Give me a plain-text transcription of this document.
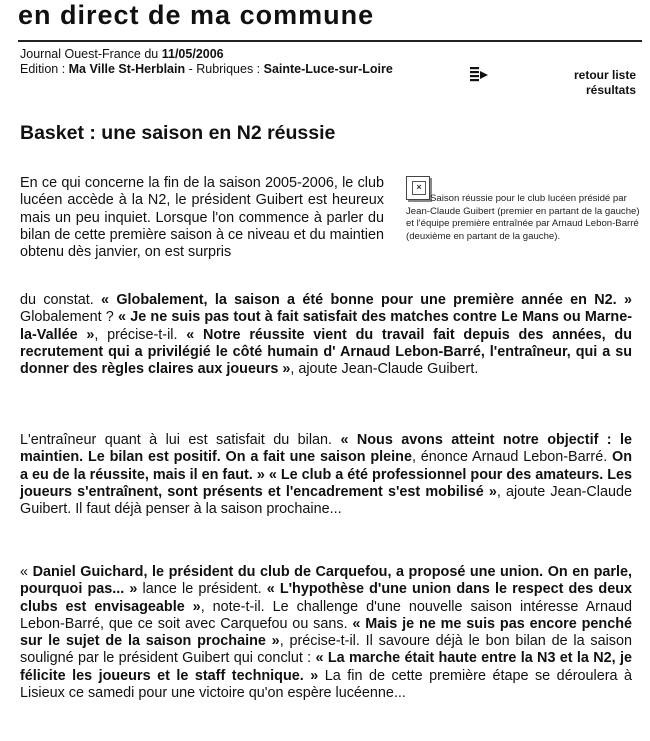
en direct de ma commune
Journal Ouest-France du 11/05/2006
Edition : Ma Ville St-Herblain - Rubriques : Sainte-Luce-sur-Loire	retour liste
résultats
Basket : une saison en N2 réussie
×
Saison réussie pour le club lucéen présidé par Jean-Claude Guibert (premier en partant de la gauche) et l'équipe première entraînée par Arnaud Lebon-Barré (deuxième en partant de la gauche).

En ce qui concerne la fin de la saison 2005-2006, le club lucéen accède à la N2, le président Guibert est heureux mais un peu inquiet. Lorsque l'on commence à parler du bilan de cette première saison à ce niveau et du maintien obtenu dès janvier, on est surpris

du constat. « Globalement, la saison a été bonne pour une première année en N2. » Globalement ? « Je ne suis pas tout à fait satisfait des matches contre Le Mans ou Marne-la-Vallée », précise-t-il. « Notre réussite vient du travail fait depuis des années, du recrutement qui a privilégié le côté humain d' Arnaud Lebon-Barré, l'entraîneur, qui a su donner des règles claires aux joueurs », ajoute Jean-Claude Guibert.

L'entraîneur quant à lui est satisfait du bilan. « Nous avons atteint notre objectif : le maintien. Le bilan est positif. On a fait une saison pleine, énonce Arnaud Lebon-Barré. On a eu de la réussite, mais il en faut. » « Le club a été professionnel pour des amateurs. Les joueurs s'entraînent, sont présents et l'encadrement s'est mobilisé », ajoute Jean-Claude Guibert. Il faut déjà penser à la saison prochaine...

« Daniel Guichard, le président du club de Carquefou, a proposé une union. On en parle, pourquoi pas... » lance le président. « L'hypothèse d'une union dans le respect des deux clubs est envisageable », note-t-il. Le challenge d'une nouvelle saison intéresse Arnaud Lebon-Barré, que ce soit avec Carquefou ou sans. « Mais je ne me suis pas encore penché sur le sujet de la saison prochaine », précise-t-il. Il savoure déjà le bon bilan de la saison souligné par le président Guibert qui conclut : « La marche était haute entre la N3 et la N2, je félicite les joueurs et le staff technique. » La fin de cette première étape se déroulera à Lisieux ce samedi pour une victoire qu'on espère lucéenne...
